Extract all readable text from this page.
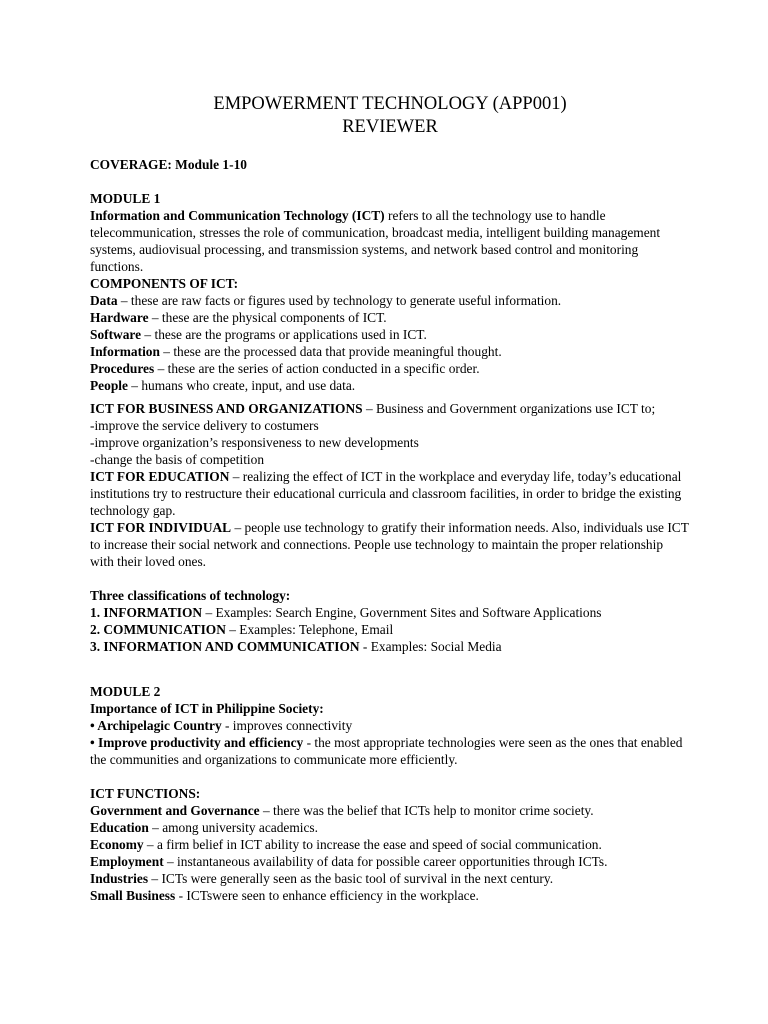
EMPOWERMENT TECHNOLOGY (APP001)
REVIEWER

COVERAGE: Module 1-10

MODULE 1

Information and Communication Technology (ICT) refers to all the technology use to handle telecommunication, stresses the role of communication, broadcast media, intelligent building management systems, audiovisual processing, and transmission systems, and network based control and monitoring functions.

COMPONENTS OF ICT:

Data – these are raw facts or figures used by technology to generate useful information.

Hardware – these are the physical components of ICT.

Software – these are the programs or applications used in ICT.

Information – these are the processed data that provide meaningful thought.

Procedures – these are the series of action conducted in a specific order.

People – humans who create, input, and use data.

ICT FOR BUSINESS AND ORGANIZATIONS – Business and Government organizations use ICT to;

-improve the service delivery to costumers

-improve organization’s responsiveness to new developments

-change the basis of competition

ICT FOR EDUCATION – realizing the effect of ICT in the workplace and everyday life, today’s educational institutions try to restructure their educational curricula and classroom facilities, in order to bridge the existing technology gap.

ICT FOR INDIVIDUAL – people use technology to gratify their information needs. Also, individuals use ICT to increase their social network and connections. People use technology to maintain the proper relationship with their loved ones.

Three classifications of technology:

1. INFORMATION – Examples: Search Engine, Government Sites and Software Applications

2. COMMUNICATION – Examples: Telephone, Email

3. INFORMATION AND COMMUNICATION - Examples: Social Media

MODULE 2

Importance of ICT in Philippine Society:

• Archipelagic Country - improves connectivity

• Improve productivity and efficiency - the most appropriate technologies were seen as the ones that enabled the communities and organizations to communicate more efficiently.

ICT FUNCTIONS:

Government and Governance – there was the belief that ICTs help to monitor crime society.

Education – among university academics.

Economy – a firm belief in ICT ability to increase the ease and speed of social communication.

Employment – instantaneous availability of data for possible career opportunities through ICTs.

Industries – ICTs were generally seen as the basic tool of survival in the next century.

Small Business - ICTswere seen to enhance efficiency in the workplace.
